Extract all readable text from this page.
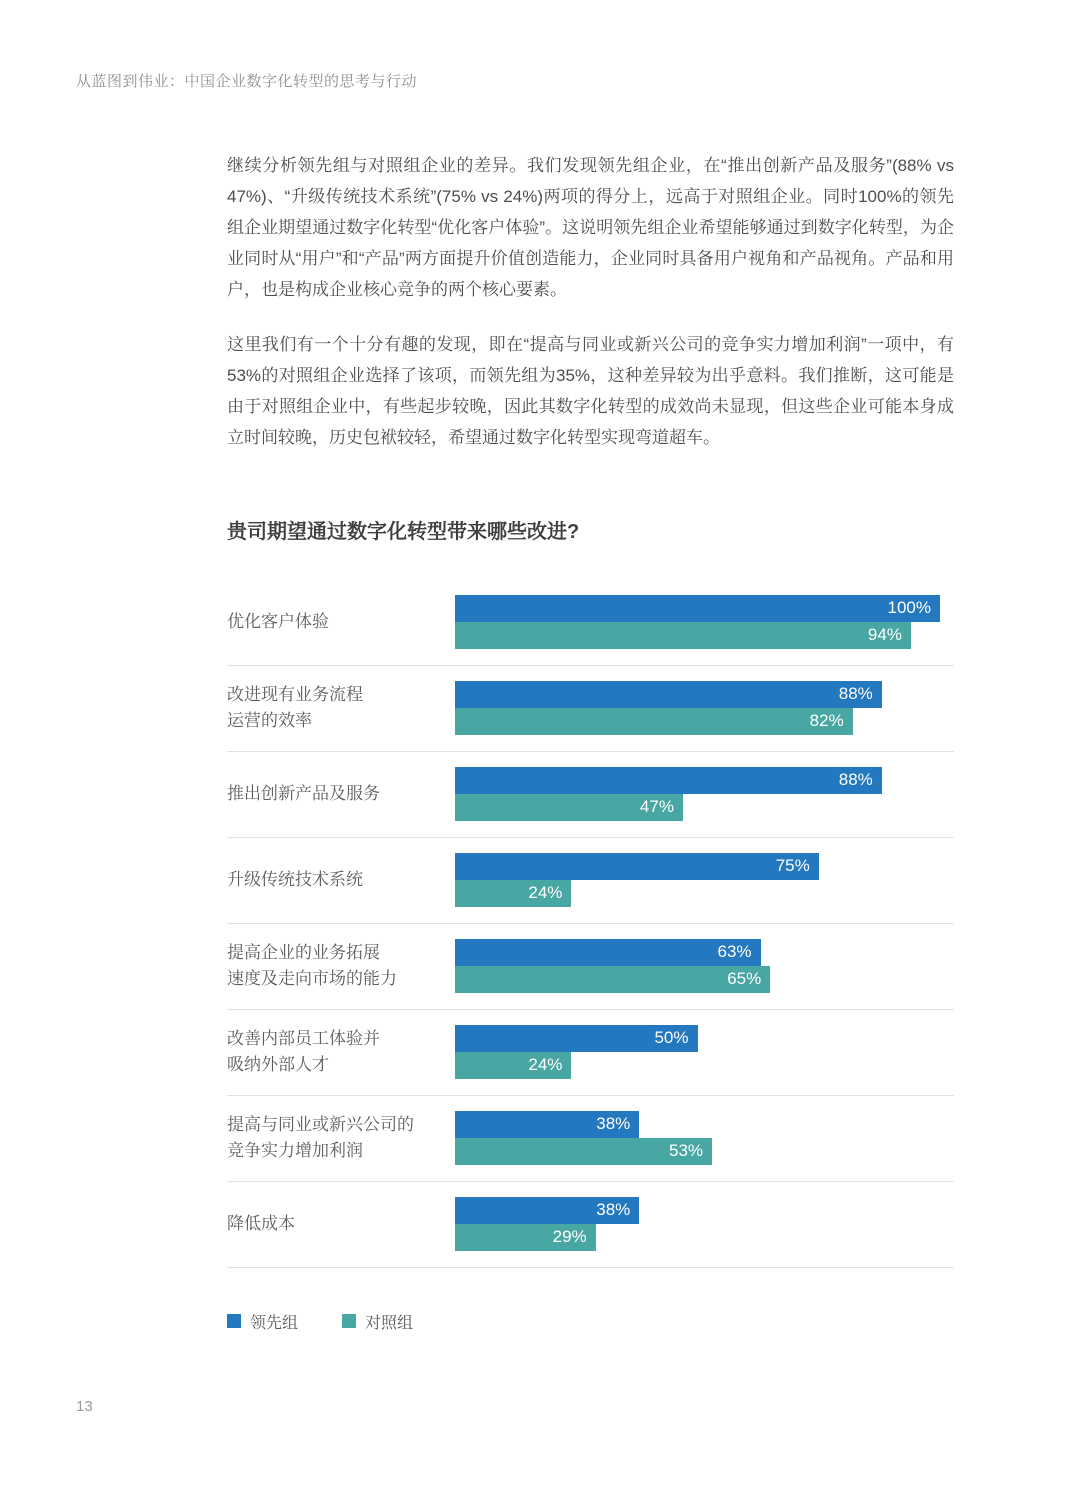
从蓝图到伟业：中国企业数字化转型的思考与行动

继续分析领先组与对照组企业的差异。我们发现领先组企业，在“推出创新产品及服务”(88% vs 47%)、“升级传统技术系统”(75% vs 24%)两项的得分上，远高于对照组企业。同时100%的领先组企业期望通过数字化转型“优化客户体验”。这说明领先组企业希望能够通过到数字化转型，为企业同时从“用户”和“产品”两方面提升价值创造能力，企业同时具备用户视角和产品视角。产品和用户，也是构成企业核心竞争的两个核心要素。

这里我们有一个十分有趣的发现，即在“提高与同业或新兴公司的竞争实力增加利润”一项中，有53%的对照组企业选择了该项，而领先组为35%，这种差异较为出乎意料。我们推断，这可能是由于对照组企业中，有些起步较晚，因此其数字化转型的成效尚未显现，但这些企业可能本身成立时间较晚，历史包袱较轻，希望通过数字化转型实现弯道超车。

贵司期望通过数字化转型带来哪些改进?
优化客户体验
100%
94%
改进现有业务流程
运营的效率
88%
82%
推出创新产品及服务
88%
47%
升级传统技术系统
75%
24%
提高企业的业务拓展
速度及走向市场的能力
63%
65%
改善内部员工体验并
吸纳外部人才
50%
24%
提高与同业或新兴公司的
竞争实力增加利润
38%
53%
降低成本
38%
29%
领先组	对照组
13
